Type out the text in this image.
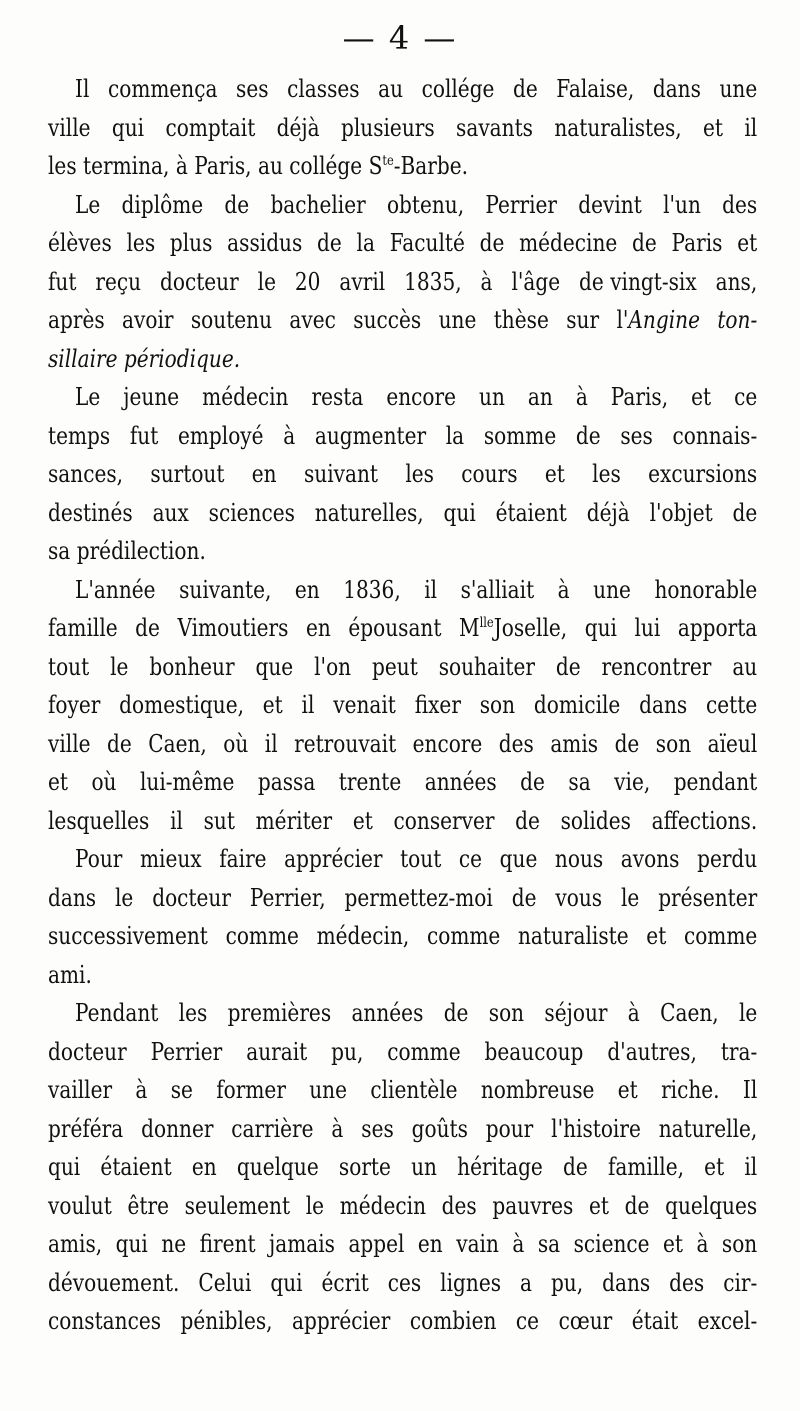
— 4 —
Il commença ses classes au collége de Falaise, dans une
ville qui comptait déjà plusieurs savants naturalistes, et il
les termina, à Paris, au collége $S^{te}$-Barbe.
Le diplôme de bachelier obtenu, Perrier devint l'un des
élèves les plus assidus de la Faculté de médecine de Paris et
fut reçu docteur le 20 avril 1835, à l'âge de vingt-six ans,
après avoir soutenu avec succès une thèse sur l'Angine ton-
sillaire périodique.
Le jeune médecin resta encore un an à Paris, et ce
temps fut employé à augmenter la somme de ses connais-
sances, surtout en suivant les cours et les excursions
destinés aux sciences naturelles, qui étaient déjà l'objet de
sa prédilection.
L'année suivante, en 1836, il s'alliait à une honorable
famille de Vimoutiers en épousant $M^{lle}Joselle$, qui lui apporta
tout le bonheur que l'on peut souhaiter de rencontrer au
foyer domestique, et il venait fixer son domicile dans cette
ville de Caen, où il retrouvait encore des amis de son aïeul
et où lui-même passa trente années de sa vie, pendant
lesquelles il sut mériter et conserver de solides affections.
Pour mieux faire apprécier tout ce que nous avons perdu
dans le docteur Perrier, permettez-moi de vous le présenter
successivement comme médecin, comme naturaliste et comme
ami.
Pendant les premières années de son séjour à Caen, le
docteur Perrier aurait pu, comme beaucoup d'autres, tra-
vailler à se former une clientèle nombreuse et riche. Il
préféra donner carrière à ses goûts pour l'histoire naturelle,
qui étaient en quelque sorte un héritage de famille, et il
voulut être seulement le médecin des pauvres et de quelques
amis, qui ne firent jamais appel en vain à sa science et à son
dévouement. Celui qui écrit ces lignes a pu, dans des cir-
constances pénibles, apprécier combien ce cœur était excel-
